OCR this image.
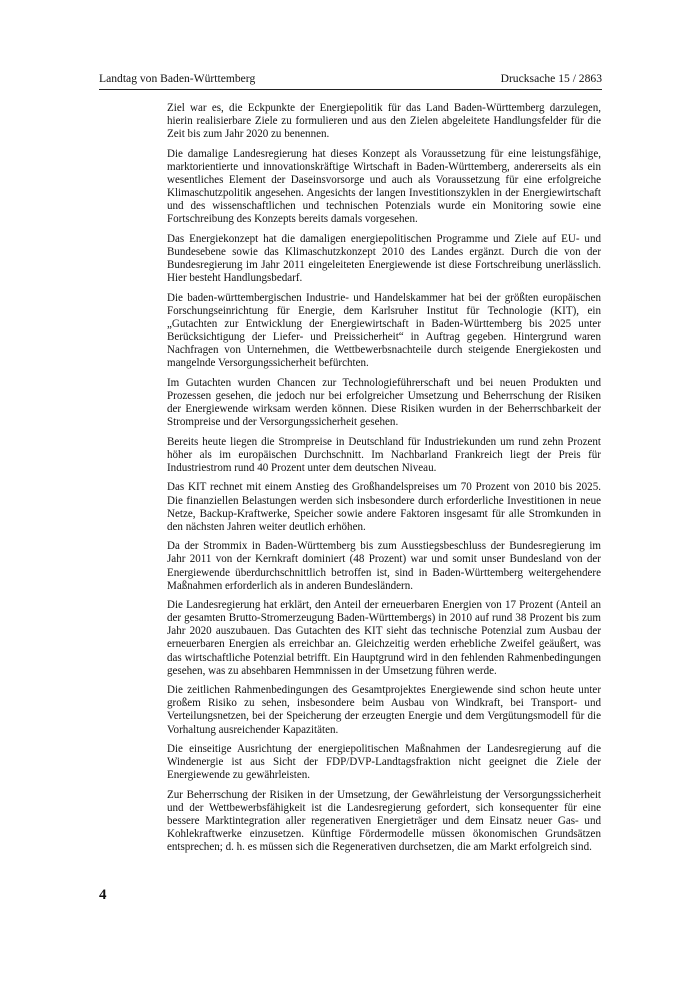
Landtag von Baden-Württemberg	Drucksache 15 / 2863

Ziel war es, die Eckpunkte der Energiepolitik für das Land Baden-Württemberg darzulegen, hierin realisierbare Ziele zu formulieren und aus den Zielen abgeleitete Handlungsfelder für die Zeit bis zum Jahr 2020 zu benennen.

Die damalige Landesregierung hat dieses Konzept als Voraussetzung für eine leistungsfähige, marktorientierte und innovationskräftige Wirtschaft in Baden-Württemberg, andererseits als ein wesentliches Element der Daseinsvorsorge und auch als Voraussetzung für eine erfolgreiche Klimaschutzpolitik angesehen. Angesichts der langen Investitionszyklen in der Energiewirtschaft und des wissenschaftlichen und technischen Potenzials wurde ein Monitoring sowie eine Fortschreibung des Konzepts bereits damals vorgesehen.

Das Energiekonzept hat die damaligen energiepolitischen Programme und Ziele auf EU- und Bundesebene sowie das Klimaschutzkonzept 2010 des Landes ergänzt. Durch die von der Bundesregierung im Jahr 2011 eingeleiteten Energiewende ist diese Fortschreibung unerlässlich. Hier besteht Handlungsbedarf.

Die baden-württembergischen Industrie- und Handelskammer hat bei der größten europäischen Forschungseinrichtung für Energie, dem Karlsruher Institut für Technologie (KIT), ein „Gutachten zur Entwicklung der Energiewirtschaft in Baden-Württemberg bis 2025 unter Berücksichtigung der Liefer- und Preissicherheit“ in Auftrag gegeben. Hintergrund waren Nachfragen von Unternehmen, die Wettbewerbsnachteile durch steigende Energiekosten und mangelnde Versorgungssicherheit befürchten.

Im Gutachten wurden Chancen zur Technologieführerschaft und bei neuen Produkten und Prozessen gesehen, die jedoch nur bei erfolgreicher Umsetzung und Beherrschung der Risiken der Energiewende wirksam werden können. Diese Risiken wurden in der Beherrschbarkeit der Strompreise und der Versorgungssicherheit gesehen.

Bereits heute liegen die Strompreise in Deutschland für Industriekunden um rund zehn Prozent höher als im europäischen Durchschnitt. Im Nachbarland Frankreich liegt der Preis für Industriestrom rund 40 Prozent unter dem deutschen Niveau.

Das KIT rechnet mit einem Anstieg des Großhandelspreises um 70 Prozent von 2010 bis 2025. Die finanziellen Belastungen werden sich insbesondere durch erforderliche Investitionen in neue Netze, Backup-Kraftwerke, Speicher sowie andere Faktoren insgesamt für alle Stromkunden in den nächsten Jahren weiter deutlich erhöhen.

Da der Strommix in Baden-Württemberg bis zum Ausstiegsbeschluss der Bundesregierung im Jahr 2011 von der Kernkraft dominiert (48 Prozent) war und somit unser Bundesland von der Energiewende überdurchschnittlich betroffen ist, sind in Baden-Württemberg weitergehendere Maßnahmen erforderlich als in anderen Bundesländern.

Die Landesregierung hat erklärt, den Anteil der erneuerbaren Energien von 17 Prozent (Anteil an der gesamten Brutto-Stromerzeugung Baden-Württembergs) in 2010 auf rund 38 Prozent bis zum Jahr 2020 auszubauen. Das Gutachten des KIT sieht das technische Potenzial zum Ausbau der erneuerbaren Energien als erreichbar an. Gleichzeitig werden erhebliche Zweifel geäußert, was das wirtschaftliche Potenzial betrifft. Ein Hauptgrund wird in den fehlenden Rahmenbedingungen gesehen, was zu absehbaren Hemmnissen in der Umsetzung führen werde.

Die zeitlichen Rahmenbedingungen des Gesamtprojektes Energiewende sind schon heute unter großem Risiko zu sehen, insbesondere beim Ausbau von Windkraft, bei Transport- und Verteilungsnetzen, bei der Speicherung der erzeugten Energie und dem Vergütungsmodell für die Vorhaltung ausreichender Kapazitäten.

Die einseitige Ausrichtung der energiepolitischen Maßnahmen der Landesregierung auf die Windenergie ist aus Sicht der FDP/DVP-Landtagsfraktion nicht geeignet die Ziele der Energiewende zu gewährleisten.

Zur Beherrschung der Risiken in der Umsetzung, der Gewährleistung der Versorgungssicherheit und der Wettbewerbsfähigkeit ist die Landesregierung gefordert, sich konsequenter für eine bessere Marktintegration aller regenerativen Energieträger und dem Einsatz neuer Gas- und Kohlekraftwerke einzusetzen. Künftige Fördermodelle müssen ökonomischen Grundsätzen entsprechen; d. h. es müssen sich die Regenerativen durchsetzen, die am Markt erfolgreich sind.

4
